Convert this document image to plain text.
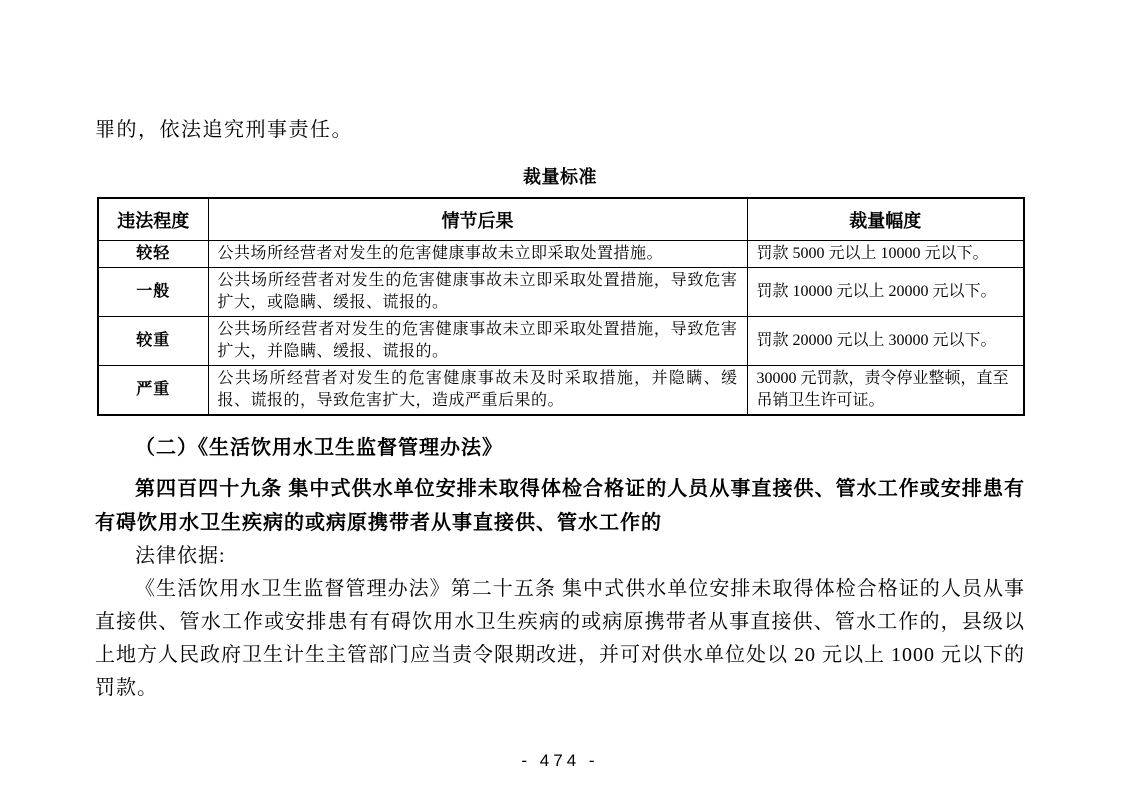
罪的，依法追究刑事责任。

裁量标准
违法程度	情节后果	裁量幅度
较轻	公共场所经营者对发生的危害健康事故未立即采取处置措施。	罚款 5000 元以上 10000 元以下。
一般	公共场所经营者对发生的危害健康事故未立即采取处置措施，导致危害扩大，或隐瞒、缓报、谎报的。	罚款 10000 元以上 20000 元以下。
较重	公共场所经营者对发生的危害健康事故未立即采取处置措施，导致危害扩大，并隐瞒、缓报、谎报的。	罚款 20000 元以上 30000 元以下。
严重	公共场所经营者对发生的危害健康事故未及时采取措施，并隐瞒、缓报、谎报的，导致危害扩大，造成严重后果的。	30000 元罚款，责令停业整顿，直至吊销卫生许可证。

（二）《生活饮用水卫生监督管理办法》

第四百四十九条 集中式供水单位安排未取得体检合格证的人员从事直接供、管水工作或安排患有有碍饮用水卫生疾病的或病原携带者从事直接供、管水工作的

法律依据:

《生活饮用水卫生监督管理办法》第二十五条 集中式供水单位安排未取得体检合格证的人员从事直接供、管水工作或安排患有有碍饮用水卫生疾病的或病原携带者从事直接供、管水工作的，县级以上地方人民政府卫生计生主管部门应当责令限期改进，并可对供水单位处以 20 元以上 1000 元以下的罚款。

- 474 -
